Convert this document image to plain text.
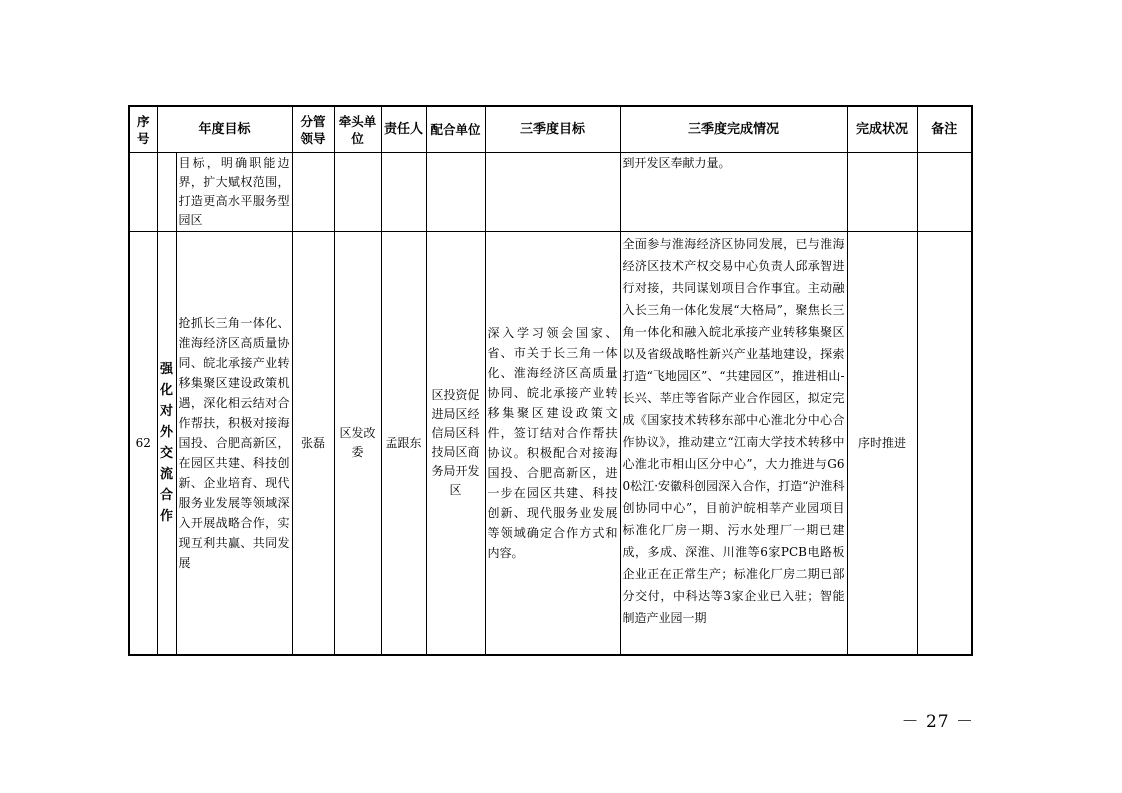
序号	年度目标		分管领导	牵头单位	责任人	配合单位	三季度目标	三季度完成情况	完成状况	备注
		目标，明确职能边界，扩大赋权范围，打造更高水平服务型园区						到开发区奉献力量。		
62	强化对外交流合作	抢抓长三角一体化、淮海经济区高质量协同、皖北承接产业转移集聚区建设政策机遇，深化相云结对合作帮扶，积极对接海国投、合肥高新区，在园区共建、科技创新、企业培育、现代服务业发展等领域深入开展战略合作，实现互利共赢、共同发展	张磊	区发改委	孟跟东	区投资促进局区经信局区科技局区商务局开发区	深入学习领会国家、省、市关于长三角一体化、淮海经济区高质量协同、皖北承接产业转移集聚区建设政策文件，签订结对合作帮扶协议。积极配合对接海国投、合肥高新区，进一步在园区共建、科技创新、现代服务业发展等领域确定合作方式和内容。	全面参与淮海经济区协同发展，已与淮海经济区技术产权交易中心负责人邱承智进行对接，共同谋划项目合作事宜。主动融入长三角一体化发展“大格局”，聚焦长三角一体化和融入皖北承接产业转移集聚区以及省级战略性新兴产业基地建设，探索打造“飞地园区”、“共建园区”，推进相山-长兴、莘庄等省际产业合作园区，拟定完成《国家技术转移东部中心淮北分中心合作协议》，推动建立“江南大学技术转移中心淮北市相山区分中心”，大力推进与G60松江·安徽科创园深入合作，打造“沪淮科创协同中心”，目前沪皖相莘产业园项目标准化厂房一期、污水处理厂一期已建成，多成、深淮、川淮等6家PCB电路板企业正在正常生产；标准化厂房二期已部分交付，中科达等3家企业已入驻；智能制造产业园一期	序时推进	
－ 27 －
